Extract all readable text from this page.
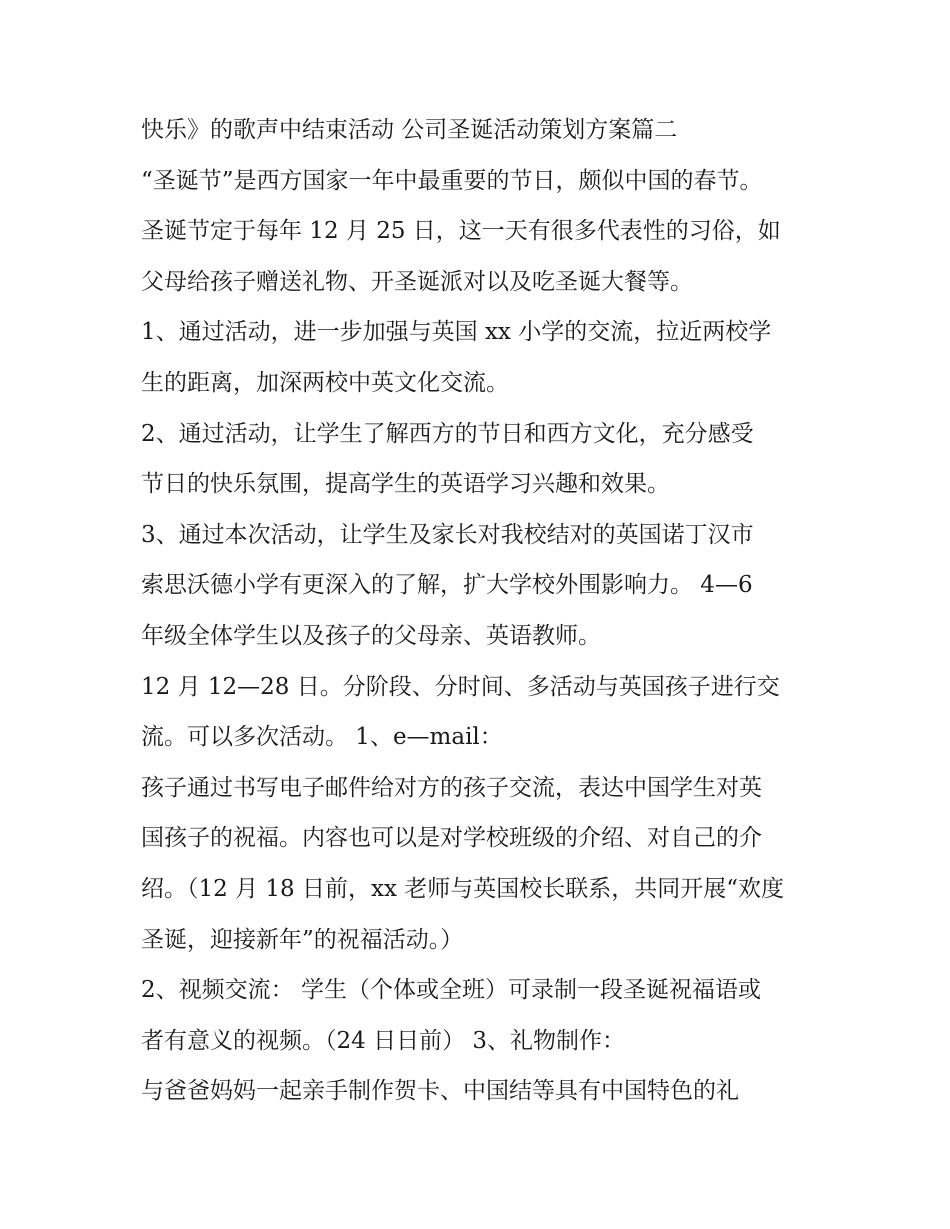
快乐》的歌声中结束活动 公司圣诞活动策划方案篇二
“圣诞节”是西方国家一年中最重要的节日，颇似中国的春节。
圣诞节定于每年 12 月 25 日，这一天有很多代表性的习俗，如
父母给孩子赠送礼物、开圣诞派对以及吃圣诞大餐等。
1、通过活动，进一步加强与英国 xx 小学的交流，拉近两校学
生的距离，加深两校中英文化交流。
2、通过活动，让学生了解西方的节日和西方文化，充分感受
节日的快乐氛围，提高学生的英语学习兴趣和效果。
3、通过本次活动，让学生及家长对我校结对的英国诺丁汉市
索思沃德小学有更深入的了解，扩大学校外围影响力。 4—6
年级全体学生以及孩子的父母亲、英语教师。
12 月 12—28 日。分阶段、分时间、多活动与英国孩子进行交
流。可以多次活动。 1、e—mail：
孩子通过书写电子邮件给对方的孩子交流，表达中国学生对英
国孩子的祝福。内容也可以是对学校班级的介绍、对自己的介
绍。（12 月 18 日前，xx 老师与英国校长联系，共同开展“欢度
圣诞，迎接新年”的祝福活动。）
2、视频交流： 学生（个体或全班）可录制一段圣诞祝福语或
者有意义的视频。（24 日日前） 3、礼物制作：
与爸爸妈妈一起亲手制作贺卡、中国结等具有中国特色的礼
